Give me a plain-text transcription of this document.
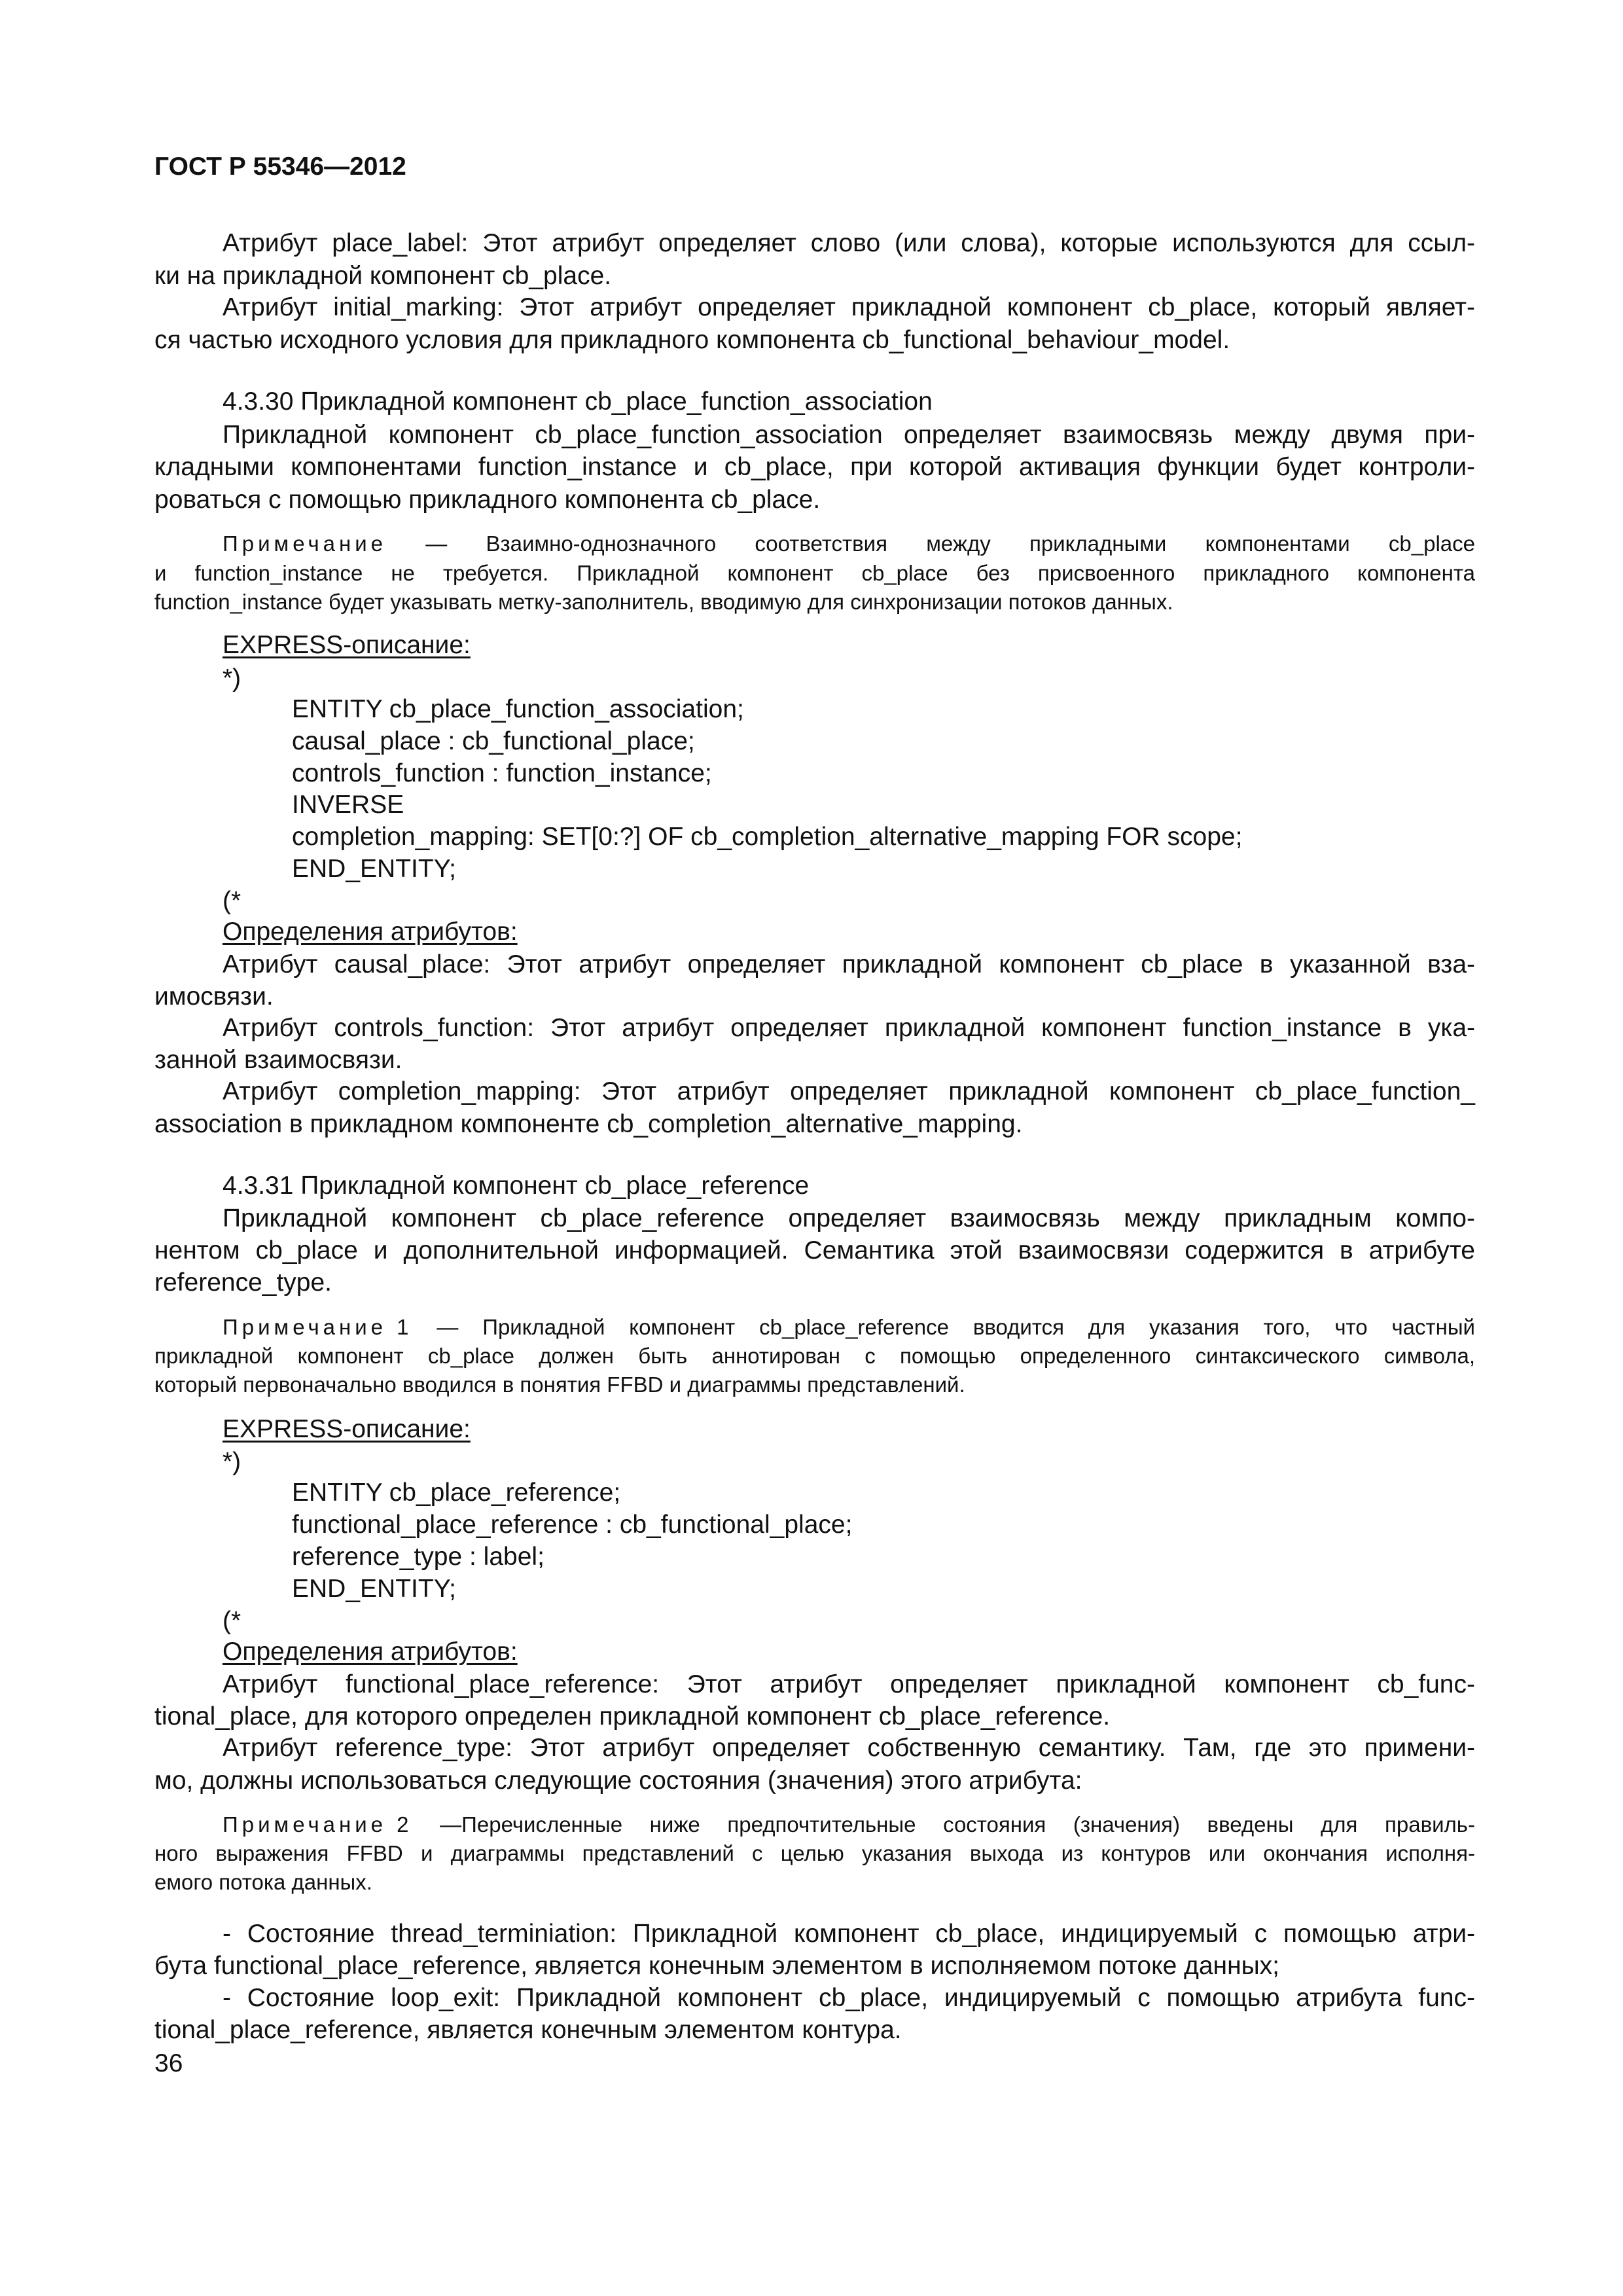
ГОСТ Р 55346—2012
Атрибут place_label: Этот атрибут определяет слово (или слова), которые используются для ссыл-
ки на прикладной компонент cb_place.
Атрибут initial_marking: Этот атрибут определяет прикладной компонент cb_place, который являет-
ся частью исходного условия для прикладного компонента cb_functional_behaviour_model.
4.3.30 Прикладной компонент cb_place_function_association
Прикладной компонент cb_place_function_association определяет взаимосвязь между двумя при-
кладными компонентами function_instance и cb_place, при которой активация функции будет контроли-
роваться с помощью прикладного компонента cb_place.
Примечание — Взаимно-однозначного соответствия между прикладными компонентами cb_place
и function_instance не требуется. Прикладной компонент cb_place без присвоенного прикладного компонента
function_instance будет указывать метку-заполнитель, вводимую для синхронизации потоков данных.
EXPRESS-описание:
*)
ENTITY cb_place_function_association;
causal_place : cb_functional_place;
controls_function : function_instance;
INVERSE
completion_mapping: SET[0:?] OF cb_completion_alternative_mapping FOR scope;
END_ENTITY;
(*
Определения атрибутов:
Атрибут causal_place: Этот атрибут определяет прикладной компонент cb_place в указанной вза-
имосвязи.
Атрибут controls_function: Этот атрибут определяет прикладной компонент function_instance в ука-
занной взаимосвязи.
Атрибут completion_mapping: Этот атрибут определяет прикладной компонент cb_place_function_
association в прикладном компоненте cb_completion_alternative_mapping.
4.3.31 Прикладной компонент cb_place_reference
Прикладной компонент cb_place_reference определяет взаимосвязь между прикладным компо-
нентом cb_place и дополнительной информацией. Семантика этой взаимосвязи содержится в атрибуте
reference_type.
Примечание 1 — Прикладной компонент cb_place_reference вводится для указания того, что частный
прикладной компонент cb_place должен быть аннотирован с помощью определенного синтаксического символа,
который первоначально вводился в понятия FFBD и диаграммы представлений.
EXPRESS-описание:
*)
ENTITY cb_place_reference;
functional_place_reference : cb_functional_place;
reference_type : label;
END_ENTITY;
(*
Определения атрибутов:
Атрибут functional_place_reference: Этот атрибут определяет прикладной компонент cb_func-
tional_place, для которого определен прикладной компонент cb_place_reference.
Атрибут reference_type: Этот атрибут определяет собственную семантику. Там, где это примени-
мо, должны использоваться следующие состояния (значения) этого атрибута:
Примечание 2 —Перечисленные ниже предпочтительные состояния (значения) введены для правиль-
ного выражения FFBD и диаграммы представлений с целью указания выхода из контуров или окончания исполня-
емого потока данных.
- Состояние thread_terminiation: Прикладной компонент cb_place, индицируемый с помощью атри-
бута functional_place_reference, является конечным элементом в исполняемом потоке данных;
- Состояние loop_exit: Прикладной компонент cb_place, индицируемый с помощью атрибута func-
tional_place_reference, является конечным элементом контура.
36
